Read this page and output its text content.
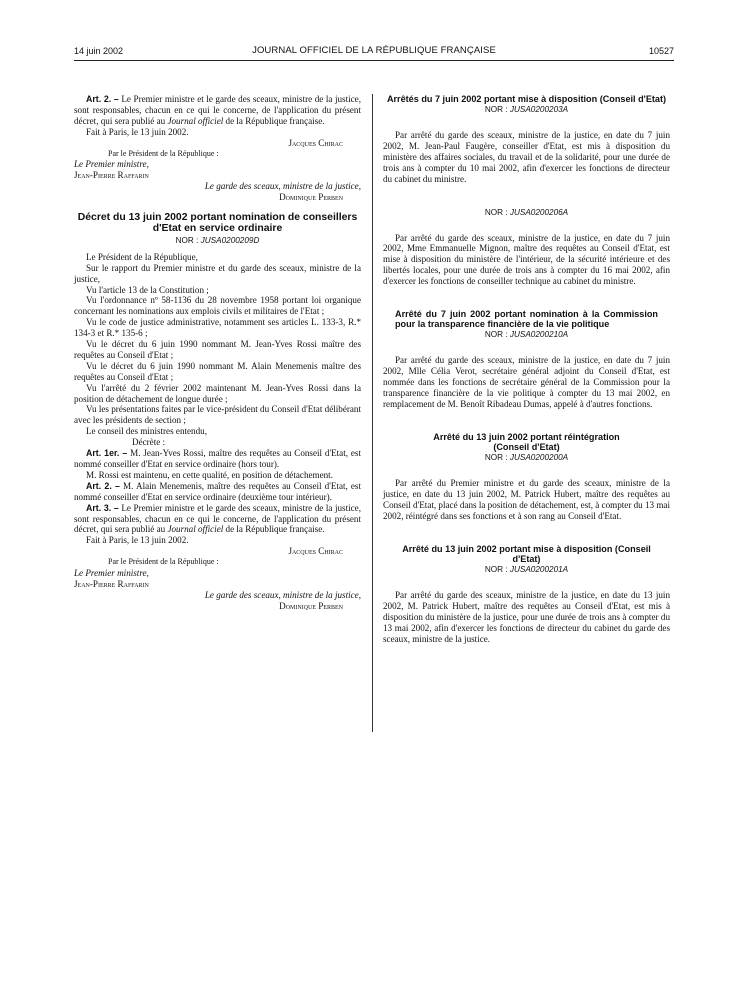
14 juin 2002	JOURNAL OFFICIEL DE LA RÉPUBLIQUE FRANÇAISE	10527

Art. 2. – Le Premier ministre et le garde des sceaux, ministre de la justice, sont responsables, chacun en ce qui le concerne, de l'application du présent décret, qui sera publié au Journal officiel de la République française.

Fait à Paris, le 13 juin 2002.

Jacques Chirac
Par le Président de la République :
Le Premier ministre,
Jean-Pierre Raffarin
Le garde des sceaux, ministre de la justice,
Dominique Perben
Décret du 13 juin 2002 portant nomination de conseillers d'Etat en service ordinaire
NOR : JUSA0200209D

Le Président de la République,

Sur le rapport du Premier ministre et du garde des sceaux, ministre de la justice,

Vu l'article 13 de la Constitution ;

Vu l'ordonnance nº 58-1136 du 28 novembre 1958 portant loi organique concernant les nominations aux emplois civils et militaires de l'Etat ;

Vu le code de justice administrative, notamment ses articles L. 133-3, R.* 134-3 et R.* 135-6 ;

Vu le décret du 6 juin 1990 nommant M. Jean-Yves Rossi maître des requêtes au Conseil d'Etat ;

Vu le décret du 6 juin 1990 nommant M. Alain Menemenis maître des requêtes au Conseil d'Etat ;

Vu l'arrêté du 2 février 2002 maintenant M. Jean-Yves Rossi dans la position de détachement de longue durée ;

Vu les présentations faites par le vice-président du Conseil d'Etat délibérant avec les présidents de section ;

Le conseil des ministres entendu,

Décrète :

Art. 1er. – M. Jean-Yves Rossi, maître des requêtes au Conseil d'Etat, est nommé conseiller d'Etat en service ordinaire (hors tour).

M. Rossi est maintenu, en cette qualité, en position de détachement.

Art. 2. – M. Alain Menemenis, maître des requêtes au Conseil d'Etat, est nommé conseiller d'Etat en service ordinaire (deuxième tour intérieur).

Art. 3. – Le Premier ministre et le garde des sceaux, ministre de la justice, sont responsables, chacun en ce qui le concerne, de l'application du présent décret, qui sera publié au Journal officiel de la République française.

Fait à Paris, le 13 juin 2002.

Jacques Chirac
Par le Président de la République :
Le Premier ministre,
Jean-Pierre Raffarin
Le garde des sceaux, ministre de la justice,
Dominique Perben
Arrêtés du 7 juin 2002 portant mise à disposition (Conseil d'Etat)
NOR : JUSA0200203A

Par arrêté du garde des sceaux, ministre de la justice, en date du 7 juin 2002, M. Jean-Paul Faugère, conseiller d'Etat, est mis à disposition du ministère des affaires sociales, du travail et de la solidarité, pour une durée de trois ans à compter du 10 mai 2002, afin d'exercer les fonctions de directeur du cabinet du ministre.

NOR : JUSA0200206A

Par arrêté du garde des sceaux, ministre de la justice, en date du 7 juin 2002, Mme Emmanuelle Mignon, maître des requêtes au Conseil d'Etat, est mise à disposition du ministère de l'intérieur, de la sécurité intérieure et des libertés locales, pour une durée de trois ans à compter du 16 mai 2002, afin d'exercer les fonctions de conseiller technique au cabinet du ministre.

Arrêté du 7 juin 2002 portant nomination à la Commission pour la transparence financière de la vie politique
NOR : JUSA0200210A

Par arrêté du garde des sceaux, ministre de la justice, en date du 7 juin 2002, Mlle Célia Verot, secrétaire général adjoint du Conseil d'Etat, est nommée dans les fonctions de secrétaire général de la Commission pour la transparence financière de la vie politique à compter du 13 mai 2002, en remplacement de M. Benoît Ribadeau Dumas, appelé à d'autres fonctions.

Arrêté du 13 juin 2002 portant réintégration (Conseil d'Etat)
NOR : JUSA0200200A

Par arrêté du Premier ministre et du garde des sceaux, ministre de la justice, en date du 13 juin 2002, M. Patrick Hubert, maître des requêtes au Conseil d'Etat, placé dans la position de détachement, est, à compter du 13 mai 2002, réintégré dans ses fonctions et à son rang au Conseil d'Etat.

Arrêté du 13 juin 2002 portant mise à disposition (Conseil d'Etat)
NOR : JUSA0200201A

Par arrêté du garde des sceaux, ministre de la justice, en date du 13 juin 2002, M. Patrick Hubert, maître des requêtes au Conseil d'Etat, est mis à disposition du ministère de la justice, pour une durée de trois ans à compter du 13 mai 2002, afin d'exercer les fonctions de directeur du cabinet du garde des sceaux, ministre de la justice.
